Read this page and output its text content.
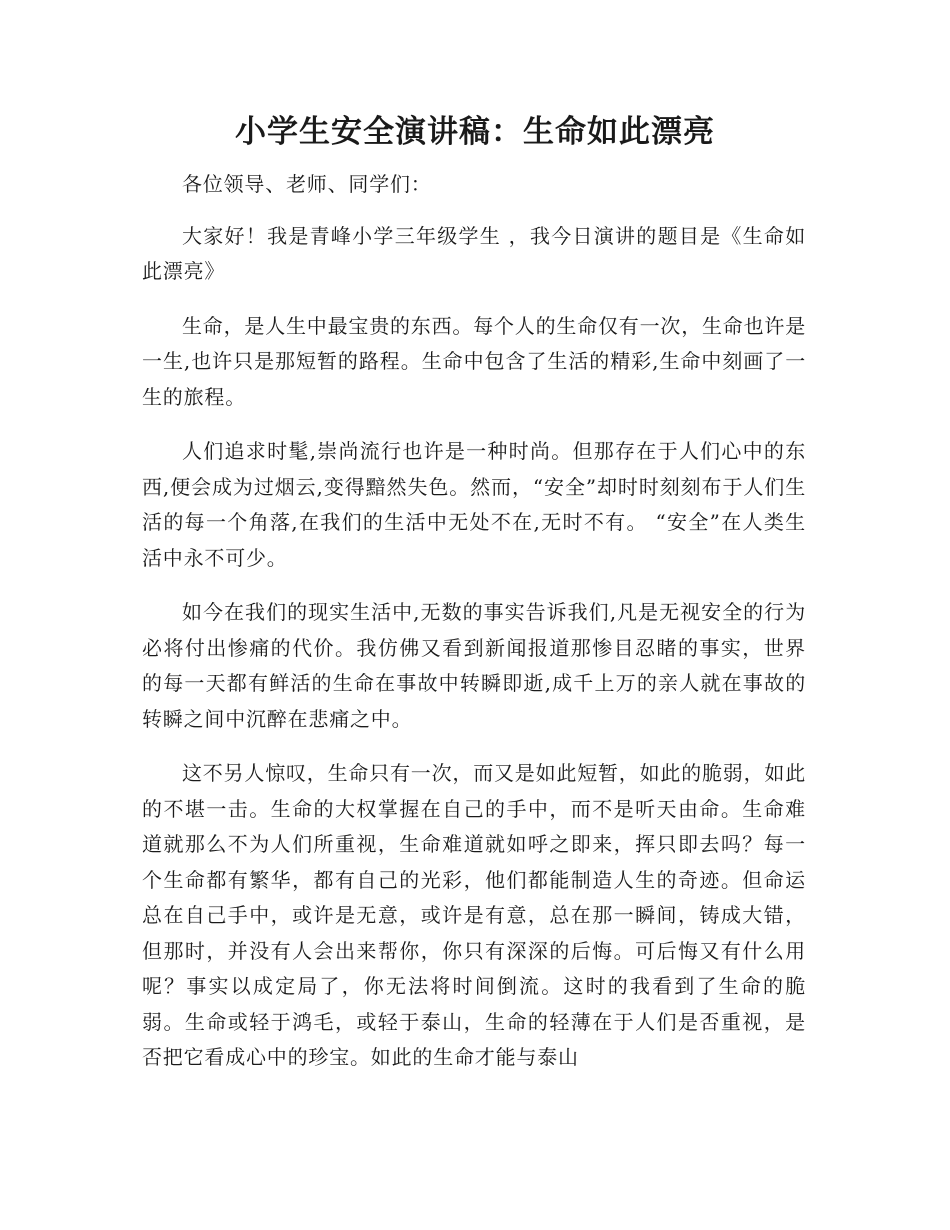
小学生安全演讲稿：生命如此漂亮

各位领导、老师、同学们：

大家好！我是青峰小学三年级学生 ，我今日演讲的题目是《生命如此漂亮》

生命，是人生中最宝贵的东西。每个人的生命仅有一次，生命也许是一生,也许只是那短暂的路程。生命中包含了生活的精彩,生命中刻画了一生的旅程。

人们追求时髦,崇尚流行也许是一种时尚。但那存在于人们心中的东西,便会成为过烟云,变得黯然失色。然而，“安全”却时时刻刻布于人们生活的每一个角落,在我们的生活中无处不在,无时不有。 “安全”在人类生活中永不可少。

如今在我们的现实生活中,无数的事实告诉我们,凡是无视安全的行为必将付出惨痛的代价。我仿佛又看到新闻报道那惨目忍睹的事实，世界的每一天都有鲜活的生命在事故中转瞬即逝,成千上万的亲人就在事故的转瞬之间中沉醉在悲痛之中。

这不另人惊叹，生命只有一次，而又是如此短暂，如此的脆弱，如此的不堪一击。生命的大权掌握在自己的手中，而不是听天由命。生命难道就那么不为人们所重视，生命难道就如呼之即来，挥只即去吗？每一个生命都有繁华，都有自己的光彩，他们都能制造人生的奇迹。但命运总在自己手中，或许是无意，或许是有意，总在那一瞬间，铸成大错，但那时，并没有人会出来帮你，你只有深深的后悔。可后悔又有什么用呢？事实以成定局了，你无法将时间倒流。这时的我看到了生命的脆弱。生命或轻于鸿毛，或轻于泰山，生命的轻薄在于人们是否重视，是否把它看成心中的珍宝。如此的生命才能与泰山
